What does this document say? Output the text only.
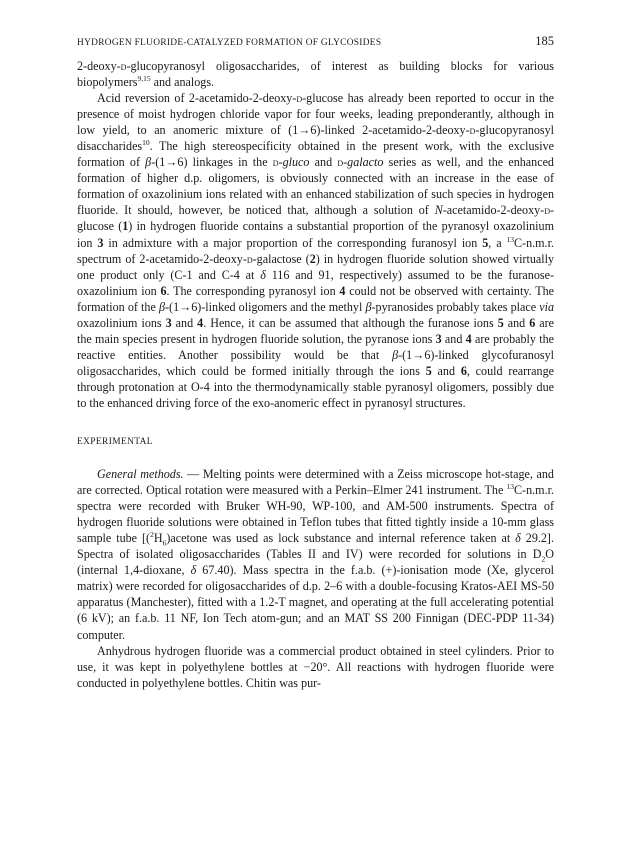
HYDROGEN FLUORIDE-CATALYZED FORMATION OF GLYCOSIDES	185

2-deoxy-d-glucopyranosyl oligosaccharides, of interest as building blocks for various biopolymers$^{9,15}$ and analogs.

Acid reversion of 2-acetamido-2-deoxy-d-glucose has already been reported to occur in the presence of moist hydrogen chloride vapor for four weeks, leading preponderantly, although in low yield, to an anomeric mixture of (1→6)-linked 2-acetamido-2-deoxy-d-glucopyranosyl disaccharides$^{10}$. The high stereospecificity obtained in the present work, with the exclusive formation of β-(1→6) linkages in the d-gluco and d-galacto series as well, and the enhanced formation of higher d.p. oligomers, is obviously connected with an increase in the ease of formation of oxazolinium ions related with an enhanced stabilization of such species in hydrogen fluoride. It should, however, be noticed that, although a solution of N-acetamido-2-deoxy-d-glucose (1) in hydrogen fluoride contains a substantial proportion of the pyranosyl oxazolinium ion 3 in admixture with a major proportion of the corresponding furanosyl ion 5, a $^{13}$C-n.m.r. spectrum of 2-acetamido-2-deoxy-d-galactose (2) in hydrogen fluoride solution showed virtually one product only (C-1 and C-4 at δ 116 and 91, respectively) assumed to be the furanose-oxazolinium ion 6. The corresponding pyranosyl ion 4 could not be observed with certainty. The formation of the β-(1→6)-linked oligomers and the methyl β-pyranosides probably takes place via oxazolinium ions 3 and 4. Hence, it can be assumed that although the furanose ions 5 and 6 are the main species present in hydrogen fluoride solution, the pyranose ions 3 and 4 are probably the reactive entities. Another possibility would be that β-(1→6)-linked glycofuranosyl oligosaccharides, which could be formed initially through the ions 5 and 6, could rearrange through protonation at O-4 into the thermodynamically stable pyranosyl oligomers, possibly due to the enhanced driving force of the exo-anomeric effect in pyranosyl structures.

EXPERIMENTAL

General methods. — Melting points were determined with a Zeiss microscope hot-stage, and are corrected. Optical rotation were measured with a Perkin–Elmer 241 instrument. The $^{13}$C-n.m.r. spectra were recorded with Bruker WH-90, WP-100, and AM-500 instruments. Spectra of hydrogen fluoride solutions were obtained in Teflon tubes that fitted tightly inside a 10-mm glass sample tube [$(^2H_6)acetone$ was used as lock substance and internal reference taken at δ 29.2]. Spectra of isolated oligosaccharides (Tables II and IV) were recorded for solutions in $D_2O$ (internal 1,4-dioxane, δ 67.40). Mass spectra in the f.a.b. (+)-ionisation mode (Xe, glycerol matrix) were recorded for oligosaccharides of d.p. 2–6 with a double-focusing Kratos-AEI MS-50 apparatus (Manchester), fitted with a 1.2-T magnet, and operating at the full accelerating potential (6 kV); an f.a.b. 11 NF, Ion Tech atom-gun; and an MAT SS 200 Finnigan (DEC-PDP 11-34) computer.

Anhydrous hydrogen fluoride was a commercial product obtained in steel cylinders. Prior to use, it was kept in polyethylene bottles at −20°. All reactions with hydrogen fluoride were conducted in polyethylene bottles. Chitin was pur-
